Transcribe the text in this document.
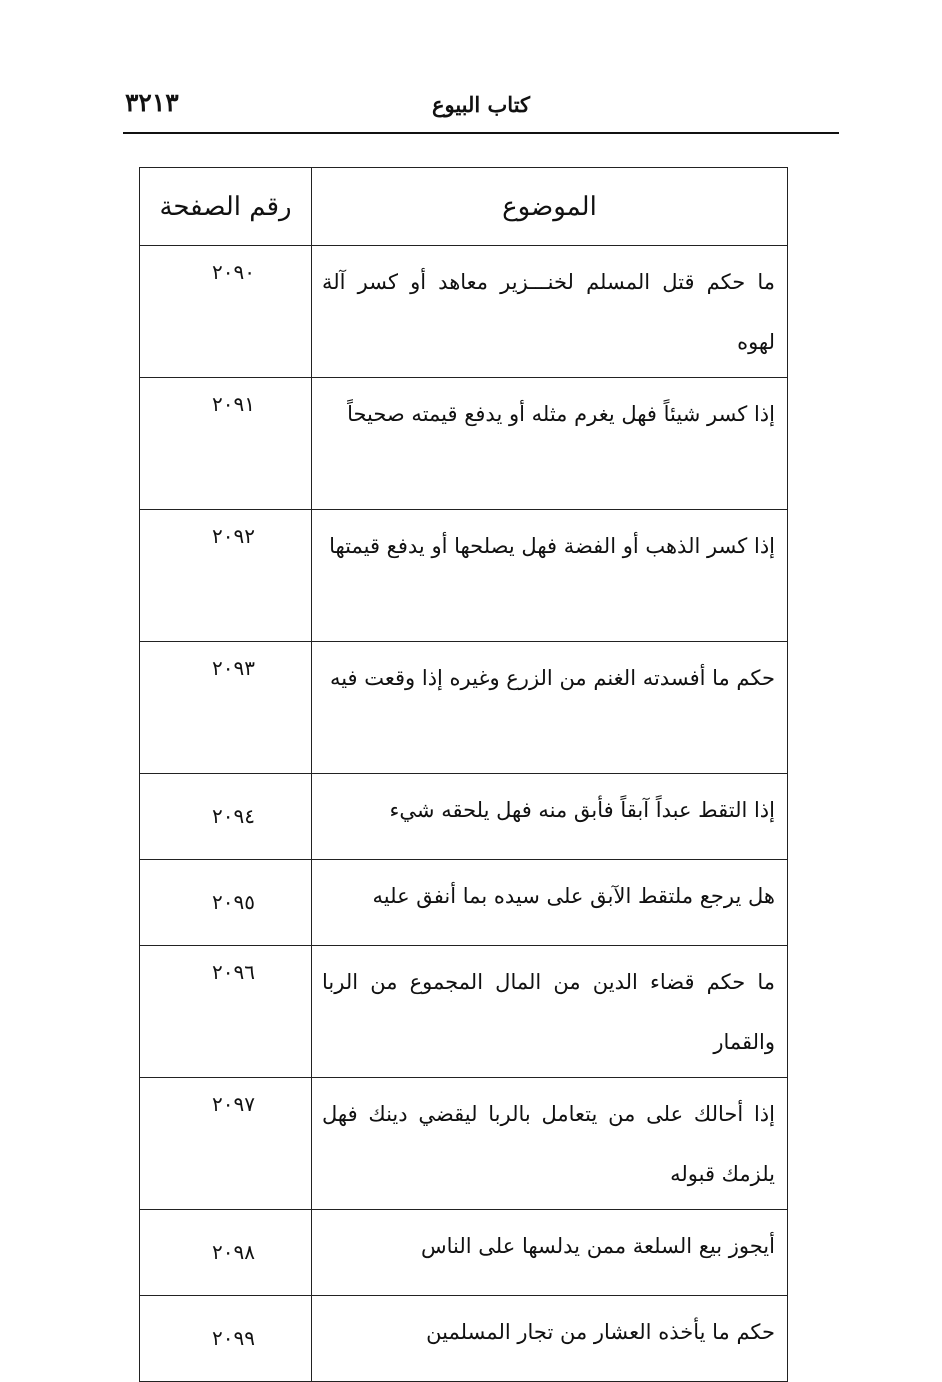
كتاب البيوع
٣٢١٣
الموضوع	رقم الصفحة
ما حكم قتل المسلم لخنـــزير معاهد أو كسر آلة لهوه	٢٠٩٠
إذا كسر شيئاً فهل يغرم مثله أو يدفع قيمته صحيحاً	٢٠٩١
إذا كسر الذهب أو الفضة فهل يصلحها أو يدفع قيمتها	٢٠٩٢
حكم ما أفسدته الغنم من الزرع وغيره إذا وقعت فيه	٢٠٩٣
إذا التقط عبداً آبقاً فأبق منه فهل يلحقه شيء	٢٠٩٤
هل يرجع ملتقط الآبق على سيده بما أنفق عليه	٢٠٩٥
ما حكم قضاء الدين من المال المجموع من الربا والقمار	٢٠٩٦
إذا أحالك على من يتعامل بالربا ليقضي دينك فهل يلزمك قبوله	٢٠٩٧
أيجوز بيع السلعة ممن يدلسها على الناس	٢٠٩٨
حكم ما يأخذه العشار من تجار المسلمين	٢٠٩٩
